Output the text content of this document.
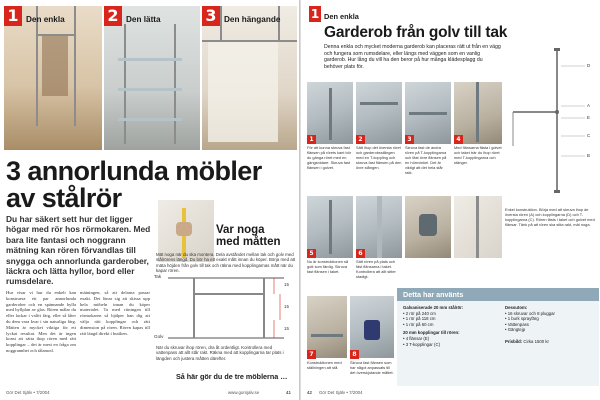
1 Den enkla	2 Den lätta	3 Den hängande
3 annorlunda möbler
av stålrör
Du har säkert sett hur det ligger högar med rör hos rörmokaren. Med bara lite fantasi och noggrann mätning kan rören förvandlas till snygga och annorlunda garderober, läckra och lätta hyllor, bord eller rumsdelare.
Hur visar vi hur du enkelt kan konstruera ett par annorlunda garderober och en spännande hylla med hyllplan av glas. Rören målar du eller lackar i valfri färg, eller så låter du dem vara kvar i sin naturliga färg. Mätten är mycket viktiga för ett lyckat resultat. Men det är ingen konst att sätta ihop rören med rätt kopplingar – det är mest en fråga om noggrannhet och tålamod.
mätningen, så att delarna passar exakt. Det lönar sig att skissa upp hela möbeln innan du köper materialet. Ta med ritningen till rörmokaren så hjälper han dig att välja rätt kopplingar och rätt dimension på rören. Rören kapas till rätt längd direkt i butiken.
Var noga
med måtten
Mät noga när du ska montera. Dela avståndet mellan tak och golv med stålrörens längd. Du bör ha ett exakt mått innan du köper. Börja med att mäta höjden från golv till tak och räkna med kopplingarnas mått när du kapar rören.
Tak
Golv
15
15
15
När du skruvar ihop rören, dra åt ordentligt. Kontrollera med vattenpass att allt står rakt. Räkna med att kopplingarna tar plats i längden och justera måtten därefter.
Så här gör du de tre möblerna …
Gör Det Själv • 7/2004	www.gorsjalv.se	41
1 Den enkla
Garderob från golv till tak
Denna enkla och mycket moderna garderob kan placeras rätt ut från en vägg och fungera som rumsdelare, eller längs med väggen som en vanlig garderob. Hur lång du vill ha den beror på hur många klädesplagg du behöver plats för.	D
A
E
C
B
1
För att kunna skruva fast flänsen på rörets kant bör du gänga röret med en gängsnidare. Skruva fast flänsen i golvet.
2
Sätt ihop det översta röret och garderobsstången med en T-koppling och skruva fast flänsen på den övre stången.
3
Skruva fast de andra rören på T-kopplingarna och fäst övre flänsen på en hörnvinkel. Det är viktigt att det hela står rakt.
4
Med flänsarna fästa i golvet och taket trär du ihop röret med T-kopplingarna och stänger.
5
Nu är konstruktionen så gott som färdig. Skruva fast flänsen i taket.
6
Sätt rören på plats och fäst flänsarna i taket. Kontrollera att allt sitter stadigt.
Enkel konstruktion. Börja med att skruva ihop de översta rören (A) och kopplingarna (D) och T-kopplingarna (C). Rören fästs i taket och golvet med flänsar. Tänk på att rören ska sitta rakt, mät noga.
7
Konstruktionen med ställningen att stå.
8
Skruva fast flänsen som har något anpassats till det överskjutande måttet.
Detta har använts
Galvaniserade 20 mm stålrör:
• 2 rör på 240 cm
• 1 rör på 118 cm
• 1 rör på 60 cm
20 mm kopplingar till rören:
• 4 flänsar (E)
• 3 T-kopplingar (C)
Dessutom:
• 16 skruvar och 8 pluggar
• 1 burk sprayfärg
• Vattenpass
• Gängtejp
Prisbild: Cirka 1500 kr
42 Gör Det Själv • 7/2004
